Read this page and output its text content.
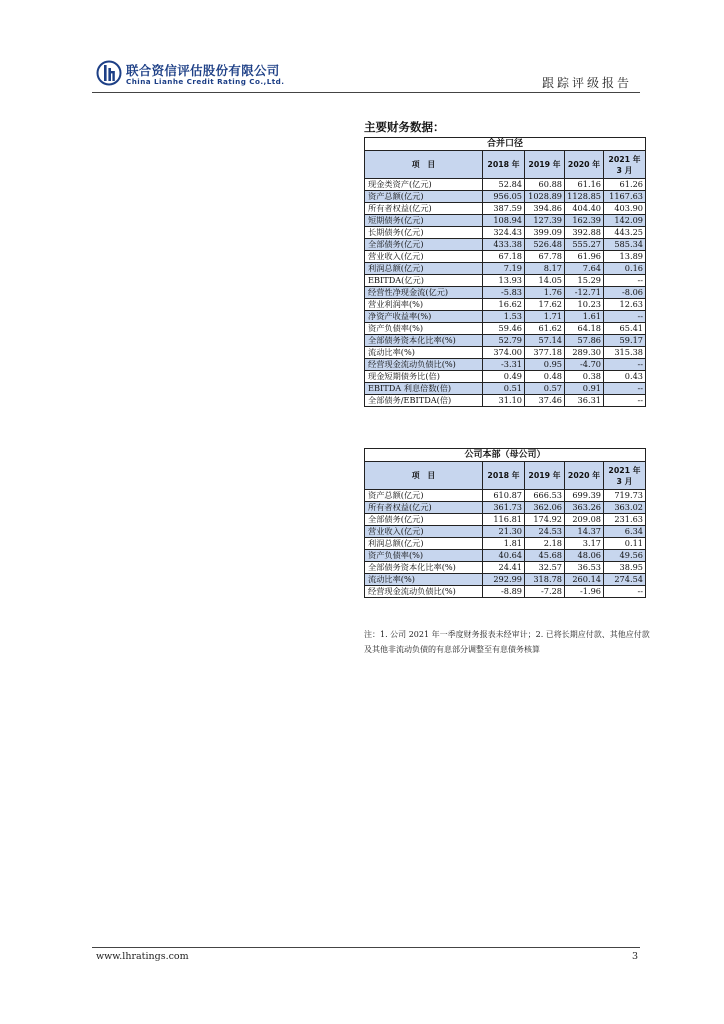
联合资信评估股份有限公司
China Lianhe Credit Rating Co.,Ltd.	跟踪评级报告
主要财务数据：
合并口径				
项　目	2018 年	2019 年	2020 年	2021 年
3 月
现金类资产(亿元)	52.84	60.88	61.16	61.26
资产总额(亿元)	956.05	1028.89	1128.85	1167.63
所有者权益(亿元)	387.59	394.86	404.40	403.90
短期债务(亿元)	108.94	127.39	162.39	142.09
长期债务(亿元)	324.43	399.09	392.88	443.25
全部债务(亿元)	433.38	526.48	555.27	585.34
营业收入(亿元)	67.18	67.78	61.96	13.89
利润总额(亿元)	7.19	8.17	7.64	0.16
EBITDA(亿元)	13.93	14.05	15.29	--
经营性净现金流(亿元)	-5.83	1.76	-12.71	-8.06
营业利润率(%)	16.62	17.62	10.23	12.63
净资产收益率(%)	1.53	1.71	1.61	--
资产负债率(%)	59.46	61.62	64.18	65.41
全部债务资本化比率(%)	52.79	57.14	57.86	59.17
流动比率(%)	374.00	377.18	289.30	315.38
经营现金流动负债比(%)	-3.31	0.95	-4.70	--
现金短期债务比(倍)	0.49	0.48	0.38	0.43
EBITDA 利息倍数(倍)	0.51	0.57	0.91	--
全部债务/EBITDA(倍)	31.10	37.46	36.31	--
公司本部（母公司）				
项　目	2018 年	2019 年	2020 年	2021 年
3 月
资产总额(亿元)	610.87	666.53	699.39	719.73
所有者权益(亿元)	361.73	362.06	363.26	363.02
全部债务(亿元)	116.81	174.92	209.08	231.63
营业收入(亿元)	21.30	24.53	14.37	6.34
利润总额(亿元)	1.81	2.18	3.17	0.11
资产负债率(%)	40.64	45.68	48.06	49.56
全部债务资本化比率(%)	24.41	32.57	36.53	38.95
流动比率(%)	292.99	318.78	260.14	274.54
经营现金流动负债比(%)	-8.89	-7.28	-1.96	--
注：1. 公司 2021 年一季度财务报表未经审计；2. 已将长期应付款、其他应付款及其他非流动负债的有息部分调整至有息债务核算
www.lhratings.com	3
